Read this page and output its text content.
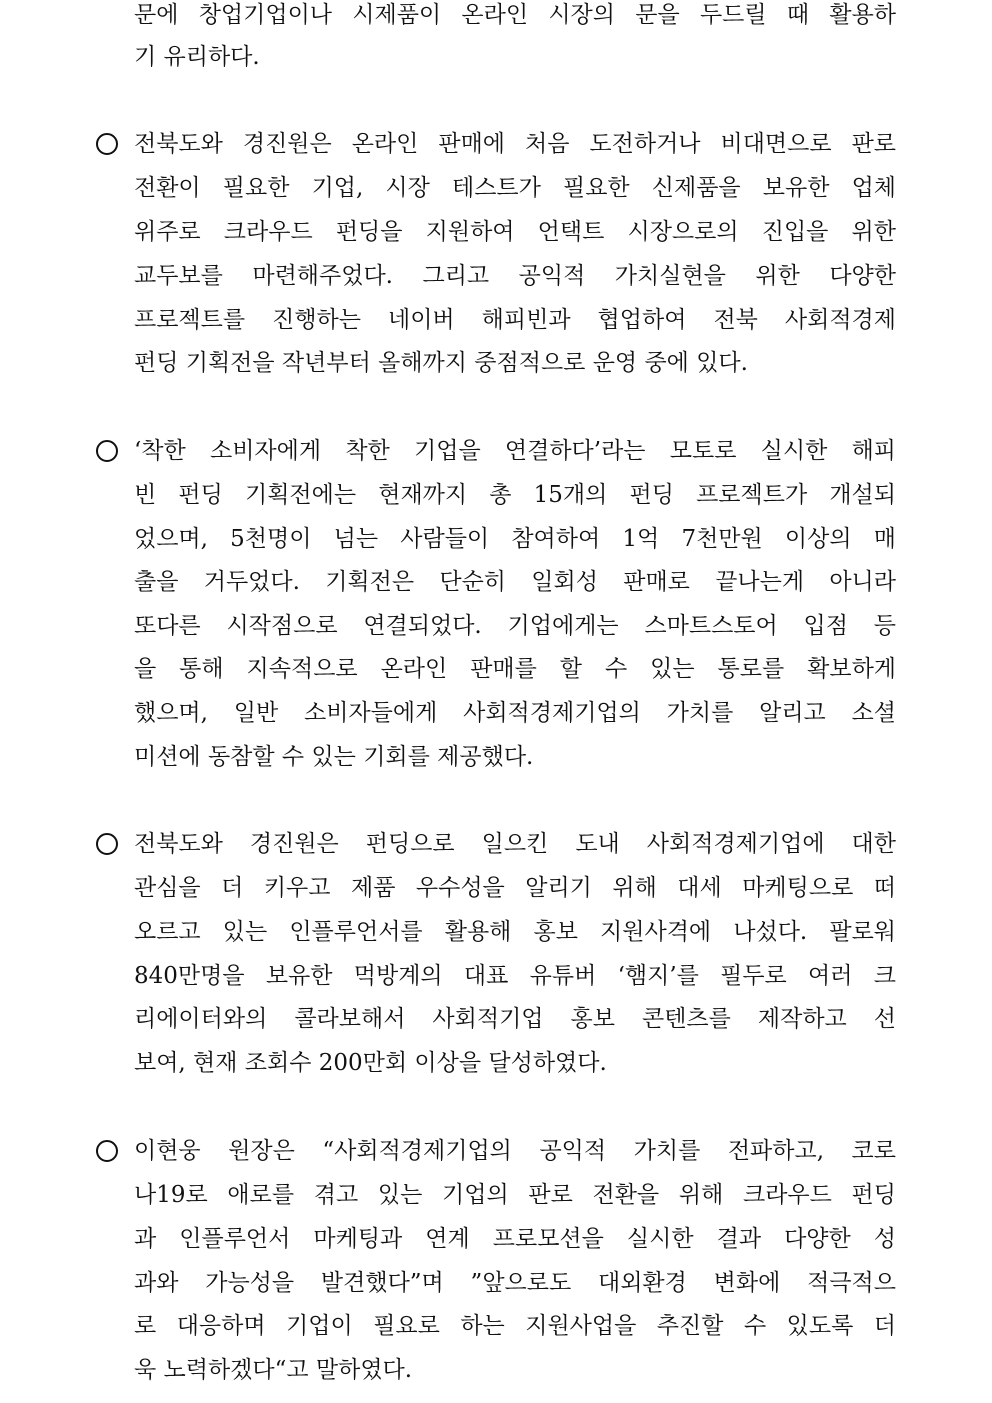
문에 창업기업이나 시제품이 온라인 시장의 문을 두드릴 때 활용하
기 유리하다.
전북도와 경진원은 온라인 판매에 처음 도전하거나 비대면으로 판로
전환이 필요한 기업, 시장 테스트가 필요한 신제품을 보유한 업체
위주로 크라우드 펀딩을 지원하여 언택트 시장으로의 진입을 위한
교두보를 마련해주었다. 그리고 공익적 가치실현을 위한 다양한
프로젝트를 진행하는 네이버 해피빈과 협업하여 전북 사회적경제
펀딩 기획전을 작년부터 올해까지 중점적으로 운영 중에 있다.
‘착한 소비자에게 착한 기업을 연결하다’라는 모토로 실시한 해피
빈 펀딩 기획전에는 현재까지 총 15개의 펀딩 프로젝트가 개설되
었으며, 5천명이 넘는 사람들이 참여하여 1억 7천만원 이상의 매
출을 거두었다. 기획전은 단순히 일회성 판매로 끝나는게 아니라
또다른 시작점으로 연결되었다. 기업에게는 스마트스토어 입점 등
을 통해 지속적으로 온라인 판매를 할 수 있는 통로를 확보하게
했으며, 일반 소비자들에게 사회적경제기업의 가치를 알리고 소셜
미션에 동참할 수 있는 기회를 제공했다.
전북도와 경진원은 펀딩으로 일으킨 도내 사회적경제기업에 대한
관심을 더 키우고 제품 우수성을 알리기 위해 대세 마케팅으로 떠
오르고 있는 인플루언서를 활용해 홍보 지원사격에 나섰다. 팔로워
840만명을 보유한 먹방계의 대표 유튜버 ‘햄지’를 필두로 여러 크
리에이터와의 콜라보해서 사회적기업 홍보 콘텐츠를 제작하고 선
보여, 현재 조회수 200만회 이상을 달성하였다.
이현웅 원장은 “사회적경제기업의 공익적 가치를 전파하고, 코로
나19로 애로를 겪고 있는 기업의 판로 전환을 위해 크라우드 펀딩
과 인플루언서 마케팅과 연계 프로모션을 실시한 결과 다양한 성
과와 가능성을 발견했다”며 ”앞으로도 대외환경 변화에 적극적으
로 대응하며 기업이 필요로 하는 지원사업을 추진할 수 있도록 더
욱 노력하겠다“고 말하였다.
